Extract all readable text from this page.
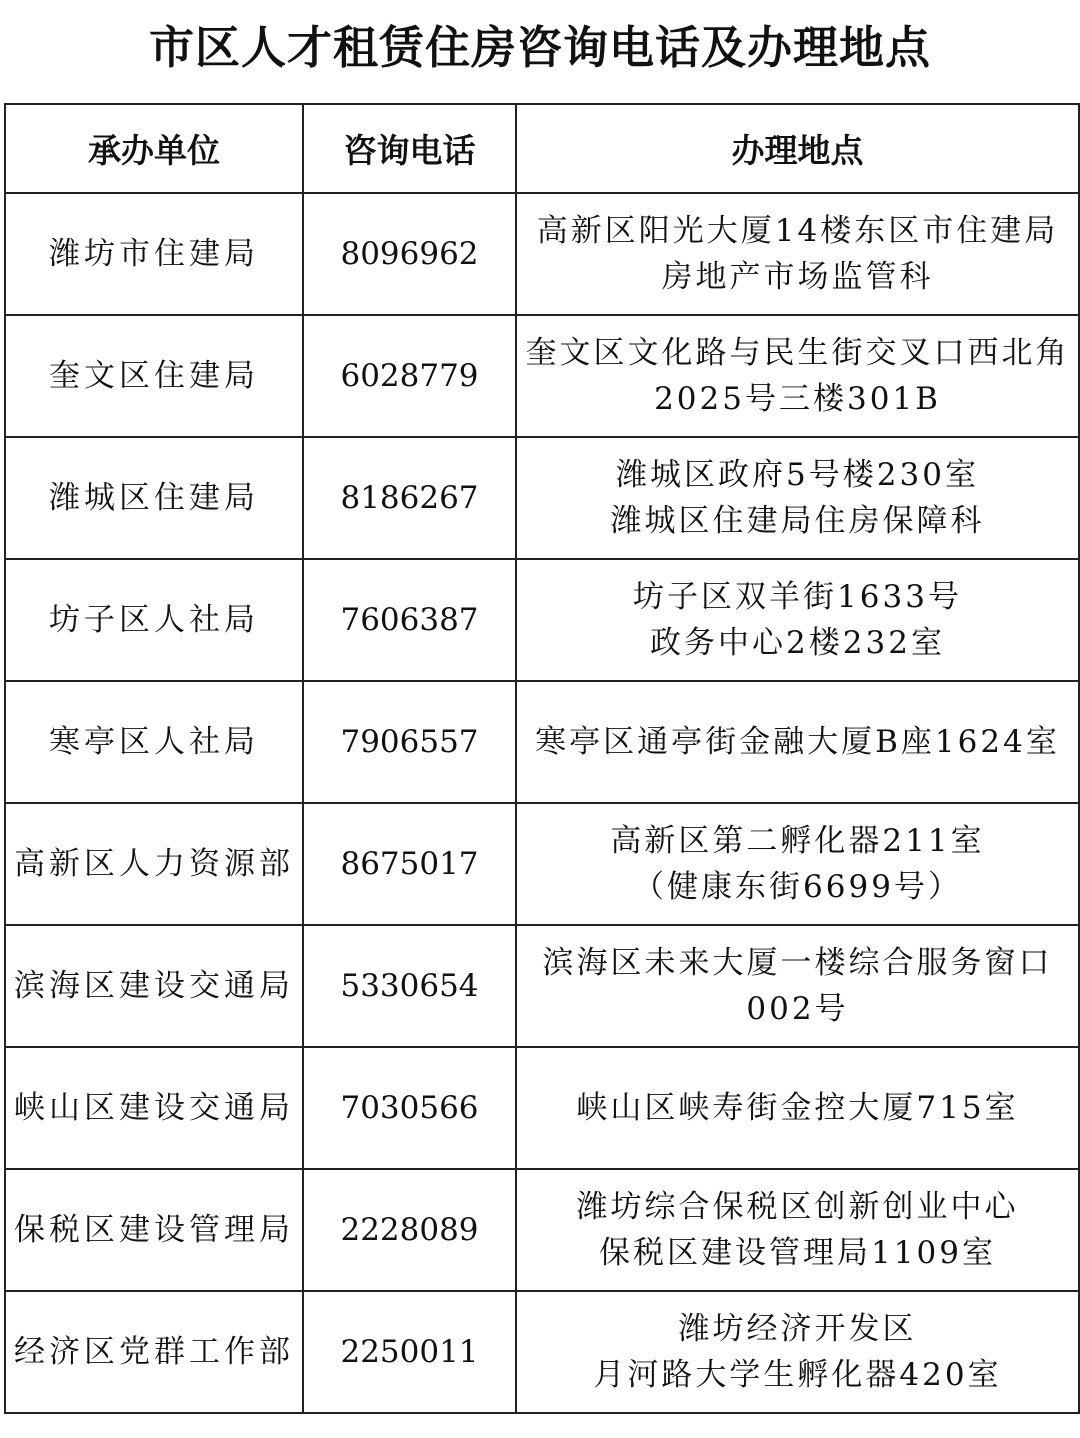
市区人才租赁住房咨询电话及办理地点
承办单位	咨询电话	办理地点
潍坊市住建局	8096962	高新区阳光大厦14楼东区市住建局
房地产市场监管科

奎文区住建局	6028779	奎文区文化路与民生街交叉口西北角
2025号三楼301B

潍城区住建局	8186267	潍城区政府5号楼230室
潍城区住建局住房保障科

坊子区人社局	7606387	坊子区双羊街1633号
政务中心2楼232室

寒亭区人社局	7906557	寒亭区通亭街金融大厦B座1624室

高新区人力资源部	8675017	高新区第二孵化器211室
（健康东街6699号）

滨海区建设交通局	5330654	滨海区未来大厦一楼综合服务窗口
002号

峡山区建设交通局	7030566	峡山区峡寿街金控大厦715室

保税区建设管理局	2228089	潍坊综合保税区创新创业中心
保税区建设管理局1109室

经济区党群工作部	2250011	潍坊经济开发区
月河路大学生孵化器420室
